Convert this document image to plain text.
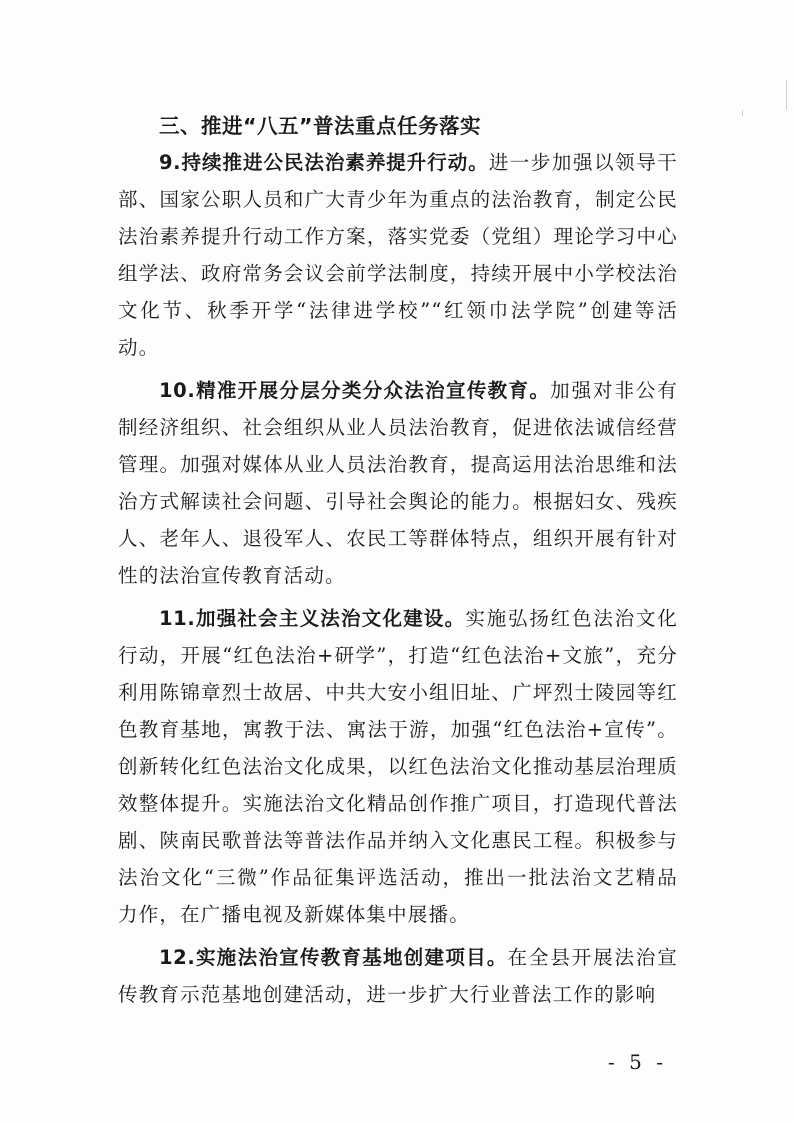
三、推进“八五”普法重点任务落实

9.持续推进公民法治素养提升行动。进一步加强以领导干部、国家公职人员和广大青少年为重点的法治教育，制定公民法治素养提升行动工作方案，落实党委（党组）理论学习中心组学法、政府常务会议会前学法制度，持续开展中小学校法治文化节、秋季开学“法律进学校”“红领巾法学院”创建等活动。

10.精准开展分层分类分众法治宣传教育。加强对非公有制经济组织、社会组织从业人员法治教育，促进依法诚信经营管理。加强对媒体从业人员法治教育，提高运用法治思维和法治方式解读社会问题、引导社会舆论的能力。根据妇女、残疾人、老年人、退役军人、农民工等群体特点，组织开展有针对性的法治宣传教育活动。

11.加强社会主义法治文化建设。实施弘扬红色法治文化行动，开展“红色法治+研学”，打造“红色法治+文旅”，充分利用陈锦章烈士故居、中共大安小组旧址、广坪烈士陵园等红色教育基地，寓教于法、寓法于游，加强“红色法治+宣传”。创新转化红色法治文化成果，以红色法治文化推动基层治理质效整体提升。实施法治文化精品创作推广项目，打造现代普法剧、陕南民歌普法等普法作品并纳入文化惠民工程。积极参与法治文化“三微”作品征集评选活动，推出一批法治文艺精品力作，在广播电视及新媒体集中展播。

12.实施法治宣传教育基地创建项目。在全县开展法治宣传教育示范基地创建活动，进一步扩大行业普法工作的影响

- 5 -
